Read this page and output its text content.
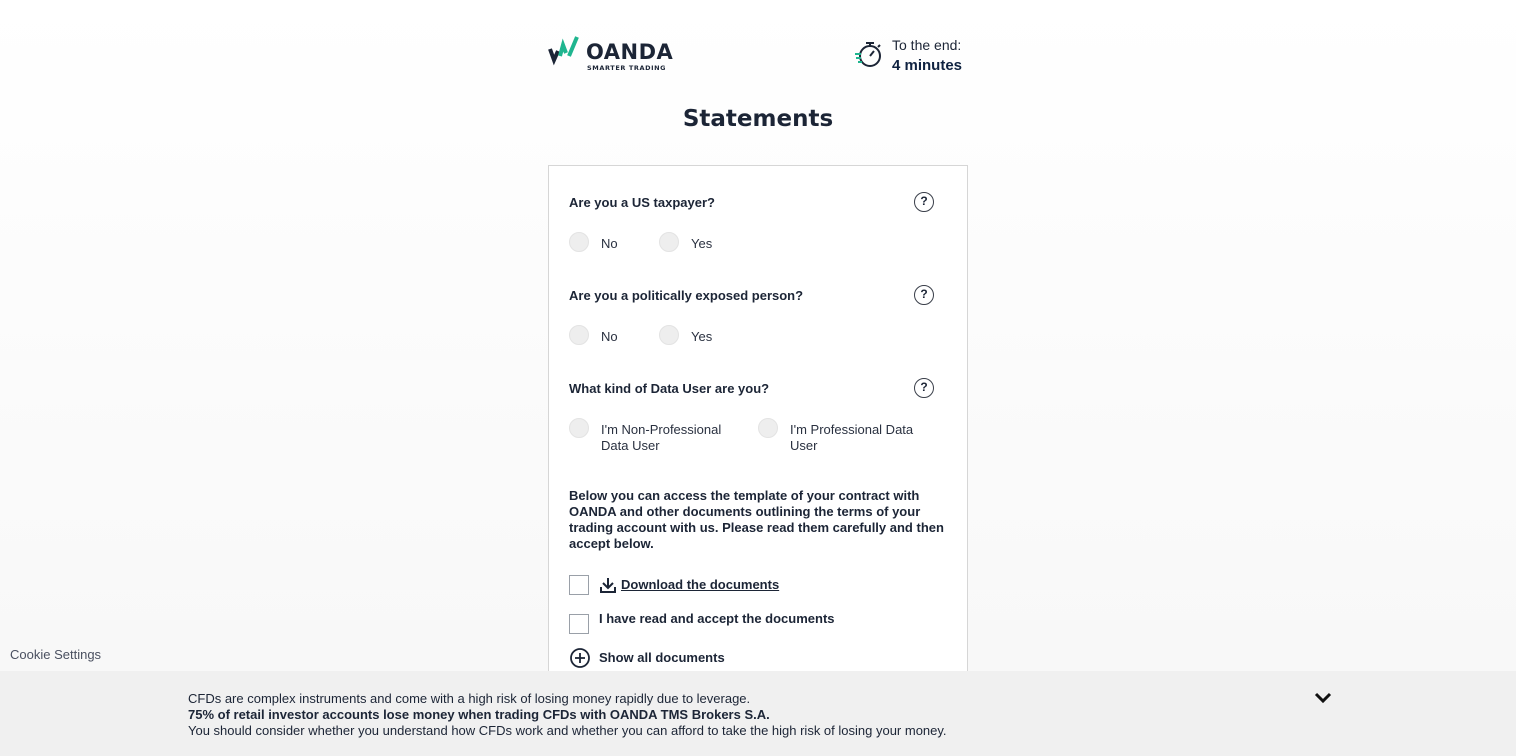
OANDA
SMARTER TRADING
To the end:
4 minutes
Statements
Are you a US taxpayer?	?
No	Yes
Are you a politically exposed person?	?
No	Yes
What kind of Data User are you?	?
I'm Non-Professional Data User
I'm Professional Data User

Below you can access the template of your contract with OANDA and other documents outlining the terms of your trading account with us. Please read them carefully and then accept below.

Download the documents
I have read and accept the documents
Show all documents
Cookie Settings
CFDs are complex instruments and come with a high risk of losing money rapidly due to leverage.
75% of retail investor accounts lose money when trading CFDs with OANDA TMS Brokers S.A.
You should consider whether you understand how CFDs work and whether you can afford to take the high risk of losing your money.
